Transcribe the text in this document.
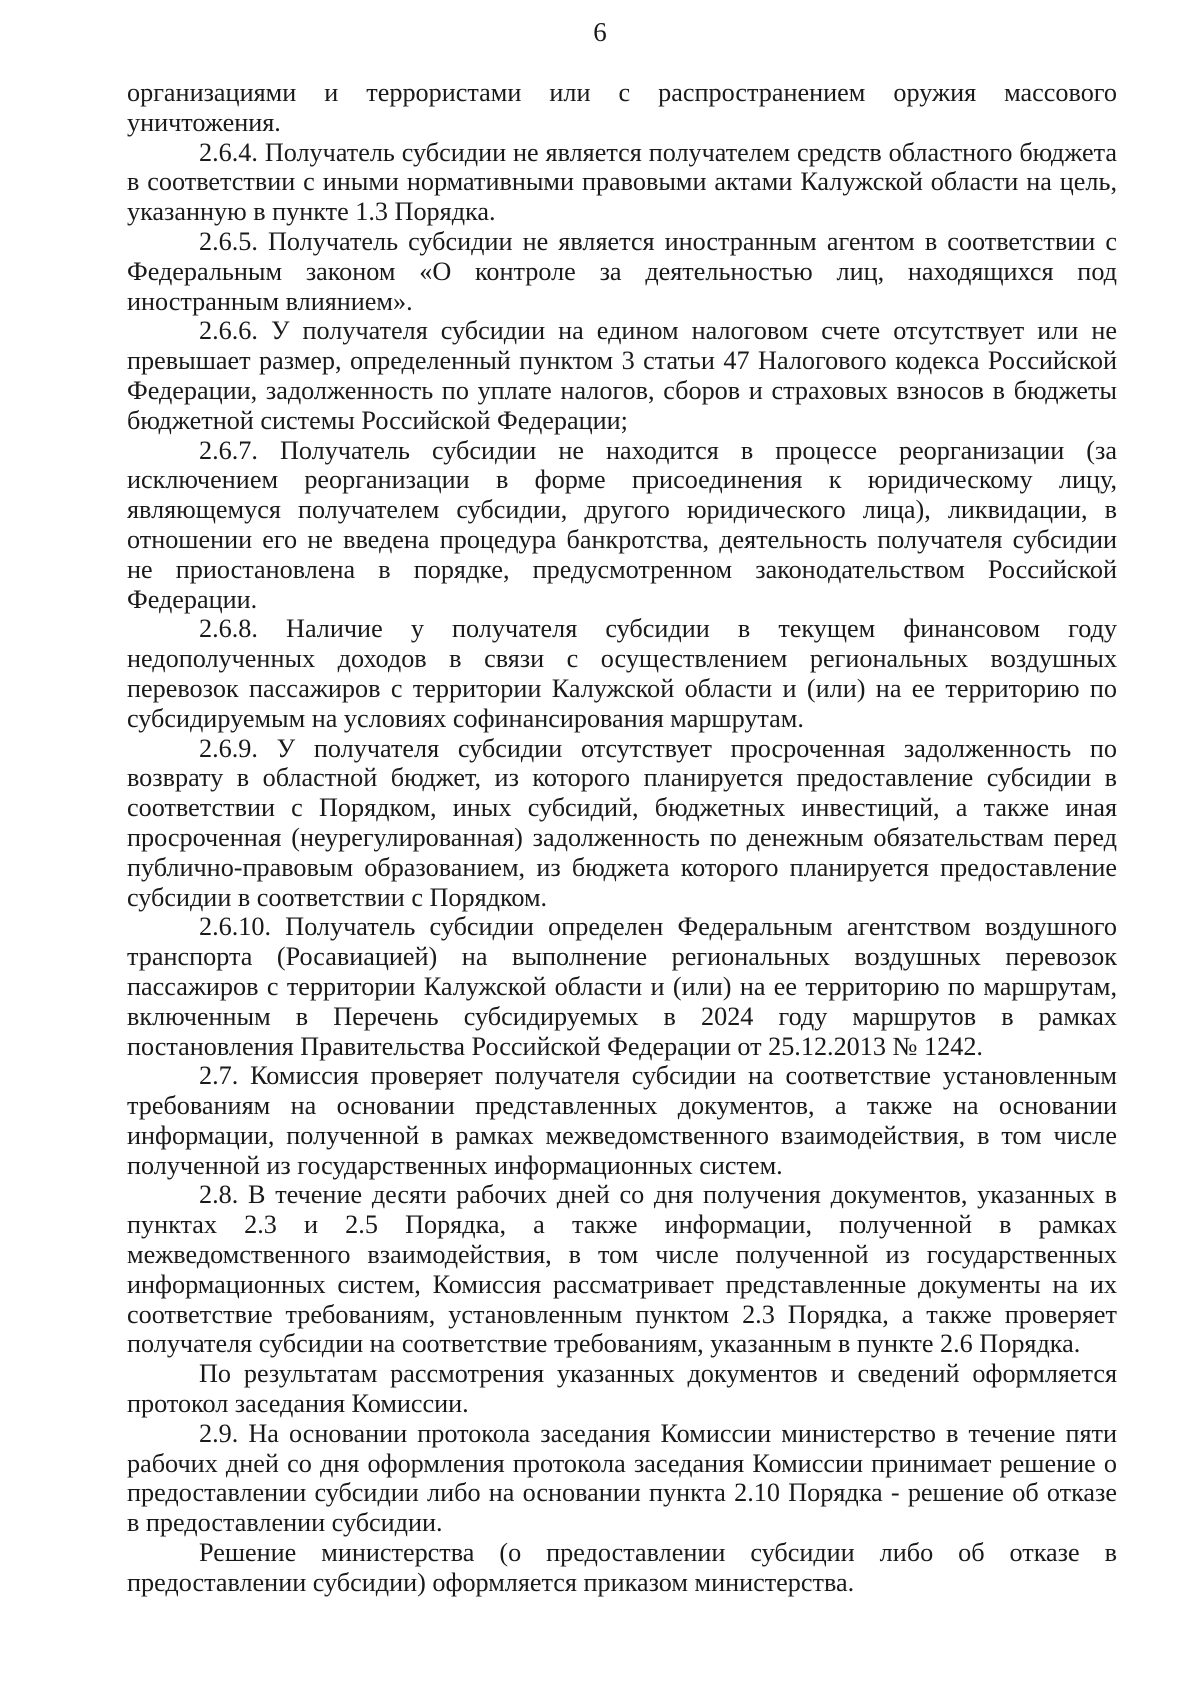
6

организациями и террористами или с распространением оружия массового уничтожения.

2.6.4. Получатель субсидии не является получателем средств областного бюджета в соответствии с иными нормативными правовыми актами Калужской области на цель, указанную в пункте 1.3 Порядка.

2.6.5. Получатель субсидии не является иностранным агентом в соответствии с Федеральным законом «О контроле за деятельностью лиц, находящихся под иностранным влиянием».

2.6.6. У получателя субсидии на едином налоговом счете отсутствует или не превышает размер, определенный пунктом 3 статьи 47 Налогового кодекса Российской Федерации, задолженность по уплате налогов, сборов и страховых взносов в бюджеты бюджетной системы Российской Федерации;

2.6.7. Получатель субсидии не находится в процессе реорганизации (за исключением реорганизации в форме присоединения к юридическому лицу, являющемуся получателем субсидии, другого юридического лица), ликвидации, в отношении его не введена процедура банкротства, деятельность получателя субсидии не приостановлена в порядке, предусмотренном законодательством Российской Федерации.

2.6.8. Наличие у получателя субсидии в текущем финансовом году недополученных доходов в связи с осуществлением региональных воздушных перевозок пассажиров с территории Калужской области и (или) на ее территорию по субсидируемым на условиях софинансирования маршрутам.

2.6.9. У получателя субсидии отсутствует просроченная задолженность по возврату в областной бюджет, из которого планируется предоставление субсидии в соответствии с Порядком, иных субсидий, бюджетных инвестиций, а также иная просроченная (неурегулированная) задолженность по денежным обязательствам перед публично-правовым образованием, из бюджета которого планируется предоставление субсидии в соответствии с Порядком.

2.6.10. Получатель субсидии определен Федеральным агентством воздушного транспорта (Росавиацией) на выполнение региональных воздушных перевозок пассажиров с территории Калужской области и (или) на ее территорию по маршрутам, включенным в Перечень субсидируемых в 2024 году маршрутов в рамках постановления Правительства Российской Федерации от 25.12.2013 № 1242.

2.7. Комиссия проверяет получателя субсидии на соответствие установленным требованиям на основании представленных документов, а также на основании информации, полученной в рамках межведомственного взаимодействия, в том числе полученной из государственных информационных систем.

2.8. В течение десяти рабочих дней со дня получения документов, указанных в пунктах 2.3 и 2.5 Порядка, а также информации, полученной в рамках межведомственного взаимодействия, в том числе полученной из государственных информационных систем, Комиссия рассматривает представленные документы на их соответствие требованиям, установленным пунктом 2.3 Порядка, а также проверяет получателя субсидии на соответствие требованиям, указанным в пункте 2.6 Порядка.

По результатам рассмотрения указанных документов и сведений оформляется протокол заседания Комиссии.

2.9. На основании протокола заседания Комиссии министерство в течение пяти рабочих дней со дня оформления протокола заседания Комиссии принимает решение о предоставлении субсидии либо на основании пункта 2.10 Порядка - решение об отказе в предоставлении субсидии.

Решение министерства (о предоставлении субсидии либо об отказе в предоставлении субсидии) оформляется приказом министерства.
